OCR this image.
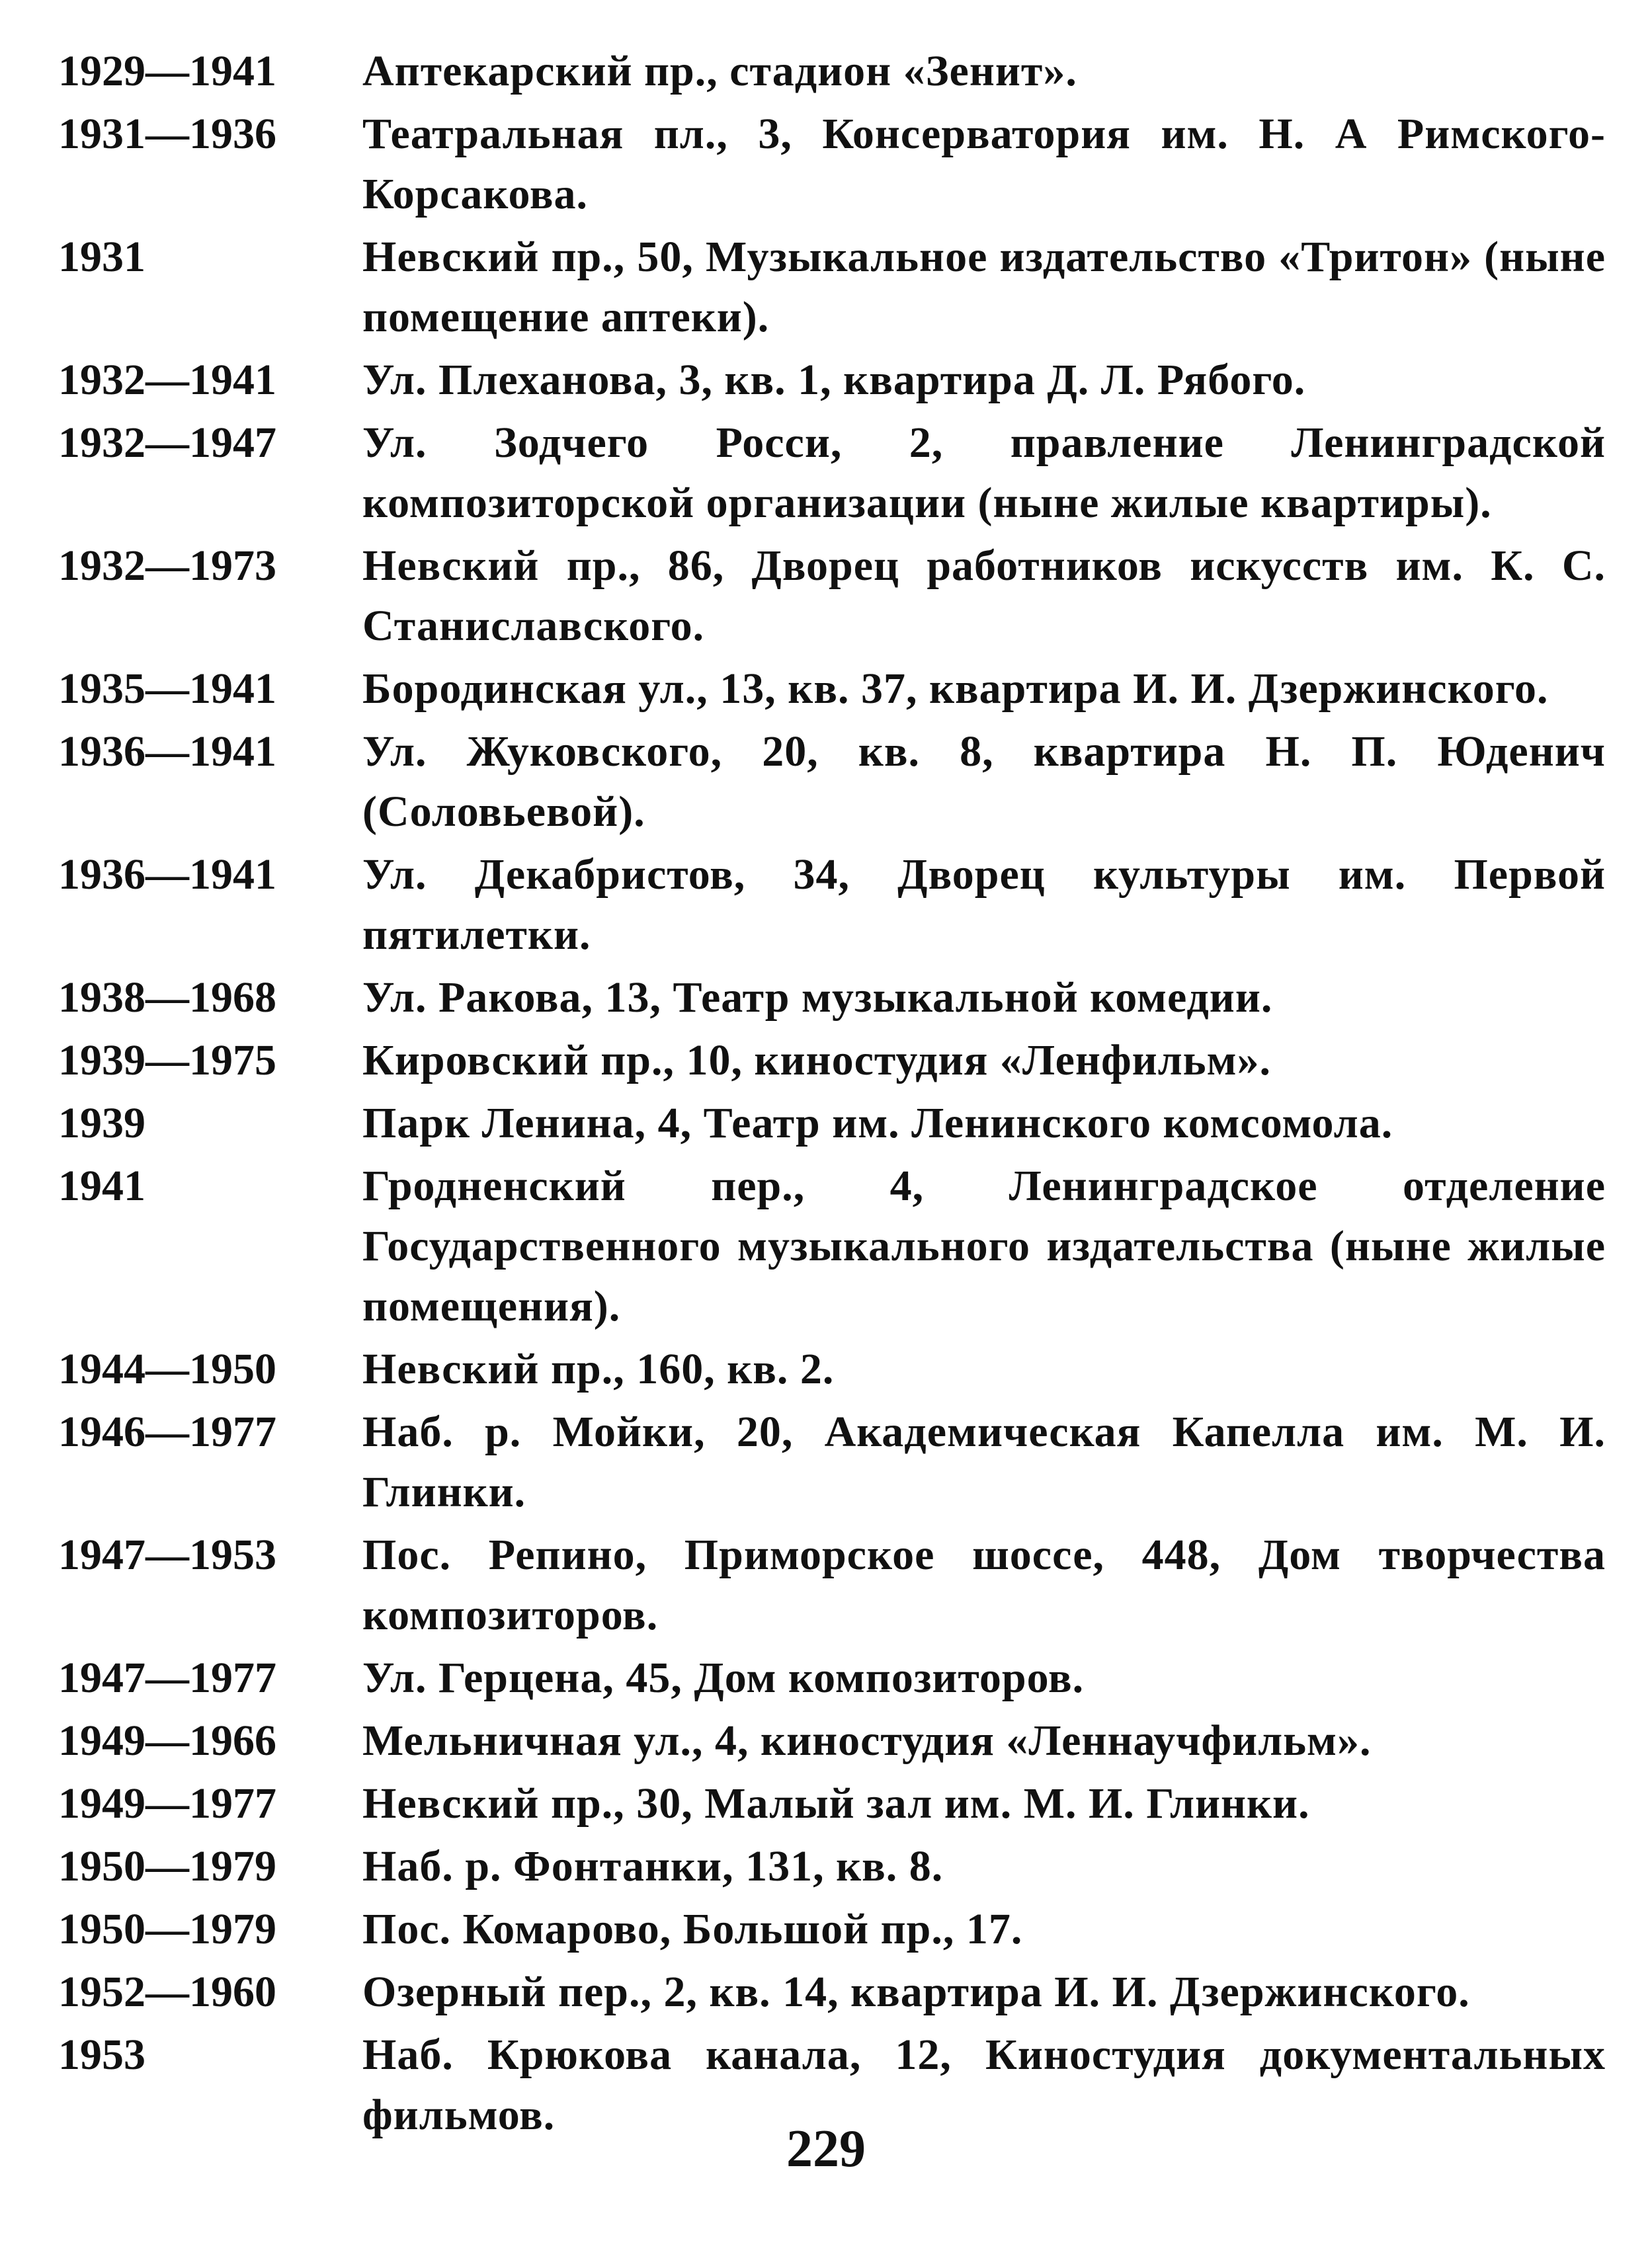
1929—1941	Аптекарский пр., стадион «Зенит».
1931—1936	Театральная пл., 3, Консерватория им. Н. А Римского-Корсакова.
1931	Невский пр., 50, Музыкальное издательство «Тритон» (ныне помещение аптеки).
1932—1941	Ул. Плеханова, 3, кв. 1, квартира Д. Л. Рябого.
1932—1947	Ул. Зодчего Росси, 2, правление Ленинградской композиторской организации (ныне жилые квартиры).
1932—1973	Невский пр., 86, Дворец работников искусств им. К. С. Станиславского.
1935—1941	Бородинская ул., 13, кв. 37, квартира И. И. Дзержинского.
1936—1941	Ул. Жуковского, 20, кв. 8, квартира Н. П. Юденич (Соловьевой).
1936—1941	Ул. Декабристов, 34, Дворец культуры им. Первой пятилетки.
1938—1968	Ул. Ракова, 13, Театр музыкальной комедии.
1939—1975	Кировский пр., 10, киностудия «Ленфильм».
1939	Парк Ленина, 4, Театр им. Ленинского комсомола.
1941	Гродненский пер., 4, Ленинградское отделение Государственного музыкального издательства (ныне жилые помещения).
1944—1950	Невский пр., 160, кв. 2.
1946—1977	Наб. р. Мойки, 20, Академическая Капелла им. М. И. Глинки.
1947—1953	Пос. Репино, Приморское шоссе, 448, Дом творчества композиторов.
1947—1977	Ул. Герцена, 45, Дом композиторов.
1949—1966	Мельничная ул., 4, киностудия «Леннаучфильм».
1949—1977	Невский пр., 30, Малый зал им. М. И. Глинки.
1950—1979	Наб. р. Фонтанки, 131, кв. 8.
1950—1979	Пос. Комарово, Большой пр., 17.
1952—1960	Озерный пер., 2, кв. 14, квартира И. И. Дзержинского.
1953	Наб. Крюкова канала, 12, Киностудия документальных фильмов.
229
